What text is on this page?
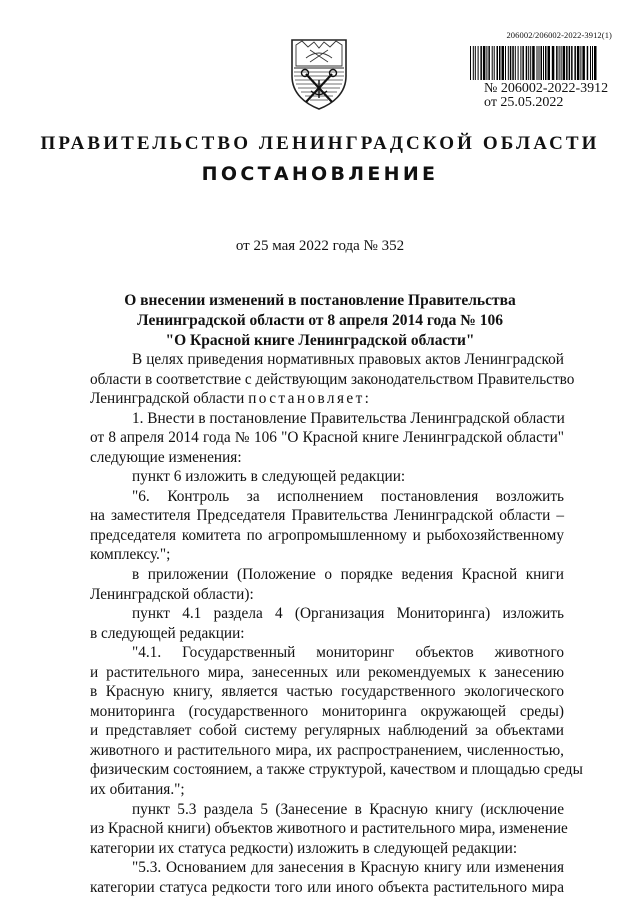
206002/206002-2022-3912(1)
№ 206002-2022-3912
от 25.05.2022
ПРАВИТЕЛЬСТВО ЛЕНИНГРАДСКОЙ ОБЛАСТИ
ПОСТАНОВЛЕНИЕ
от 25 мая 2022 года № 352
О внесении изменений в постановление Правительства
Ленинградской области от 8 апреля 2014 года № 106
"О Красной книге Ленинградской области"
В целях приведения нормативных правовых актов Ленинградской
области в соответствие с действующим законодательством Правительство
Ленинградской области постановляет:
1. Внести в постановление Правительства Ленинградской области
от 8 апреля 2014 года № 106 "О Красной книге Ленинградской области"
следующие изменения:
пункт 6 изложить в следующей редакции:
"6. Контроль за исполнением постановления возложить
на заместителя Председателя Правительства Ленинградской области –
председателя комитета по агропромышленному и рыбохозяйственному
комплексу.";
в приложении (Положение о порядке ведения Красной книги
Ленинградской области):
пункт 4.1 раздела 4 (Организация Мониторинга) изложить
в следующей редакции:
"4.1. Государственный мониторинг объектов животного
и растительного мира, занесенных или рекомендуемых к занесению
в Красную книгу, является частью государственного экологического
мониторинга (государственного мониторинга окружающей среды)
и представляет собой систему регулярных наблюдений за объектами
животного и растительного мира, их распространением, численностью,
физическим состоянием, а также структурой, качеством и площадью среды
их обитания.";
пункт 5.3 раздела 5 (Занесение в Красную книгу (исключение
из Красной книги) объектов животного и растительного мира, изменение
категории их статуса редкости) изложить в следующей редакции:
"5.3. Основанием для занесения в Красную книгу или изменения
категории статуса редкости того или иного объекта растительного мира
